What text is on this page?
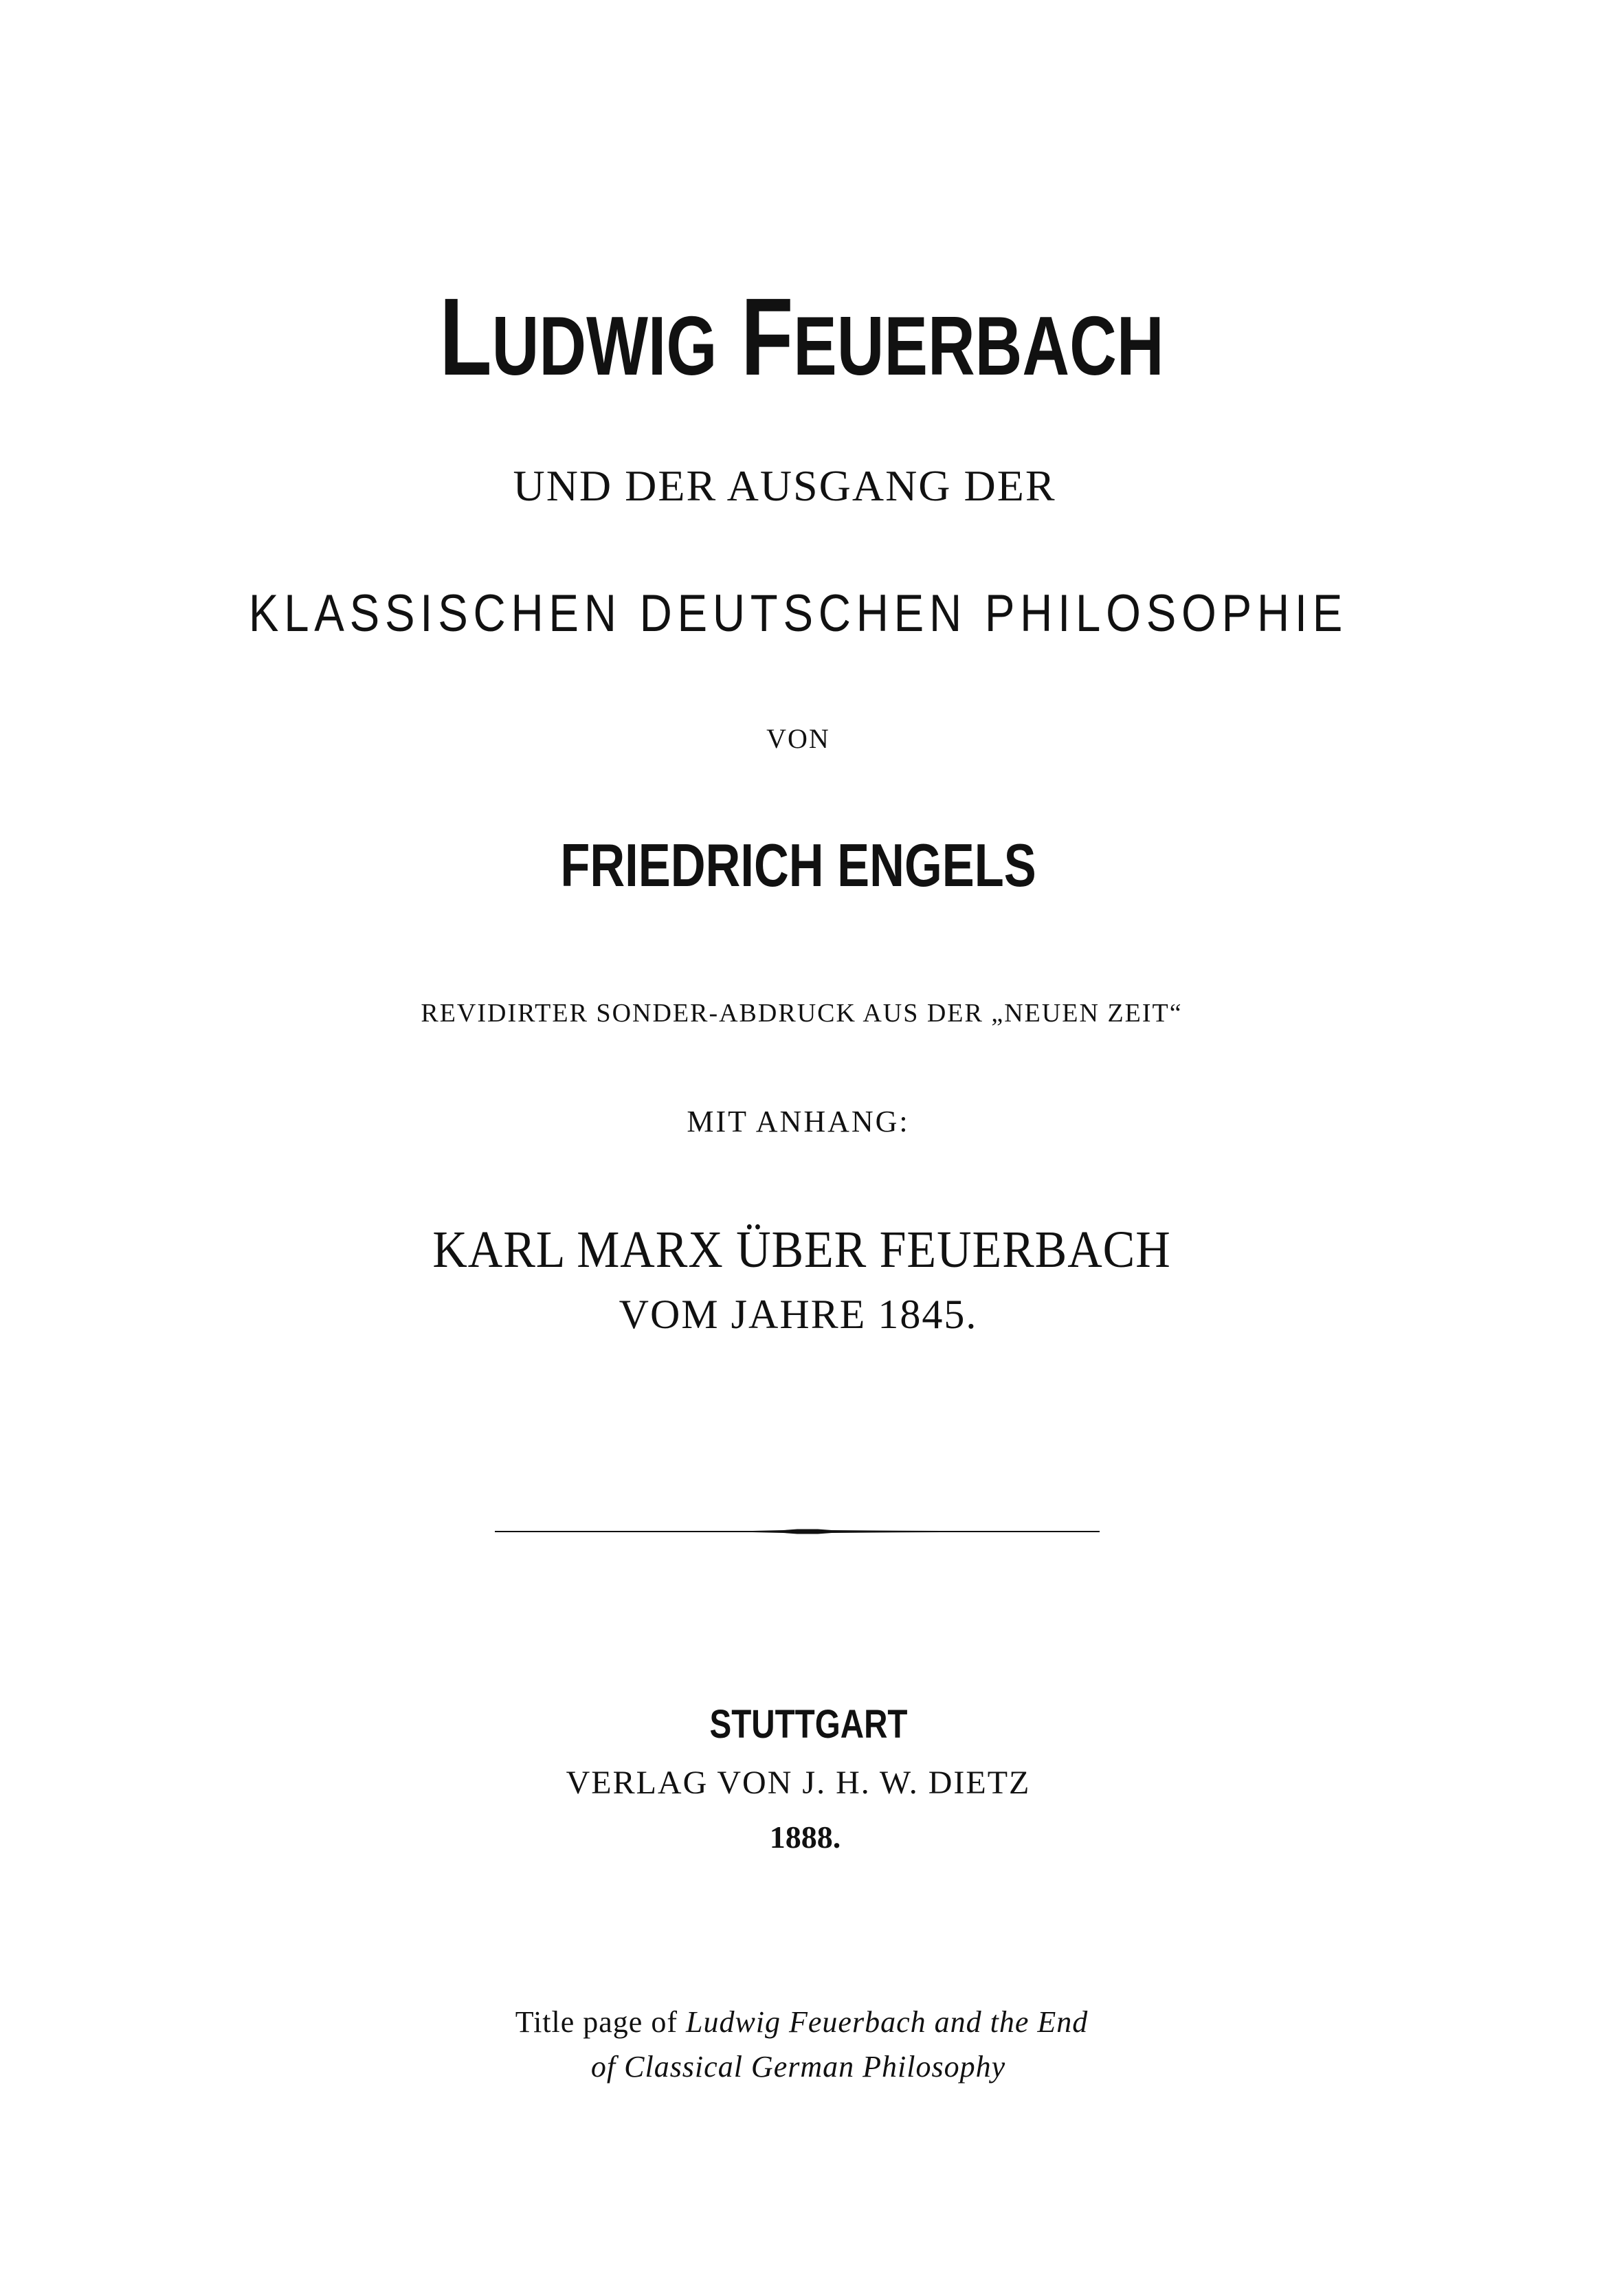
LUDWIG FEUERBACH
UND DER AUSGANG DER
KLASSISCHEN DEUTSCHEN PHILOSOPHIE
VON
FRIEDRICH ENGELS
REVIDIRTER SONDER-ABDRUCK AUS DER „NEUEN ZEIT“
MIT ANHANG:
KARL MARX ÜBER FEUERBACH
VOM JAHRE 1845.
STUTTGART
VERLAG VON J. H. W. DIETZ
1888.
Title page of Ludwig Feuerbach and the End
of Classical German Philosophy
